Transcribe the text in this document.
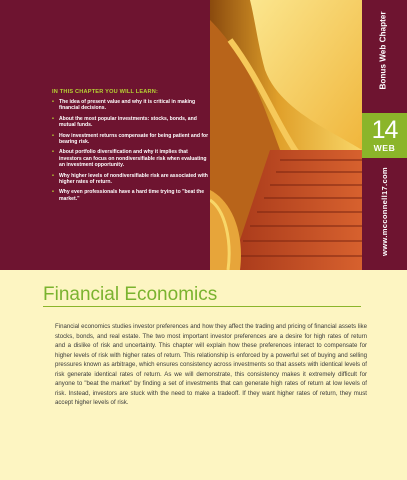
IN THIS CHAPTER YOU WILL LEARN:

• The idea of present value and why it is critical in making financial decisions.
• About the most popular investments: stocks, bonds, and mutual funds.
• How investment returns compensate for being patient and for bearing risk.
• About portfolio diversification and why it implies that investors can focus on nondiversifiable risk when evaluating an investment opportunity.
• Why higher levels of nondiversifiable risk are associated with higher rates of return.
• Why even professionals have a hard time trying to "beat the market."
Bonus Web Chapter
14
WEB
www.mcconnell17.com
Financial Economics

Financial economics studies investor preferences and how they affect the trading and pricing of financial assets like stocks, bonds, and real estate. The two most important investor preferences are a desire for high rates of return and a dislike of risk and uncertainty. This chapter will explain how these preferences interact to compensate for higher levels of risk with higher rates of return. This relationship is enforced by a powerful set of buying and selling pressures known as arbitrage, which ensures consistency across investments so that assets with identical levels of risk generate identical rates of return. As we will demonstrate, this consistency makes it extremely difficult for anyone to "beat the market" by finding a set of investments that can generate high rates of return at low levels of risk. Instead, investors are stuck with the need to make a tradeoff. If they want higher rates of return, they must accept higher levels of risk.
